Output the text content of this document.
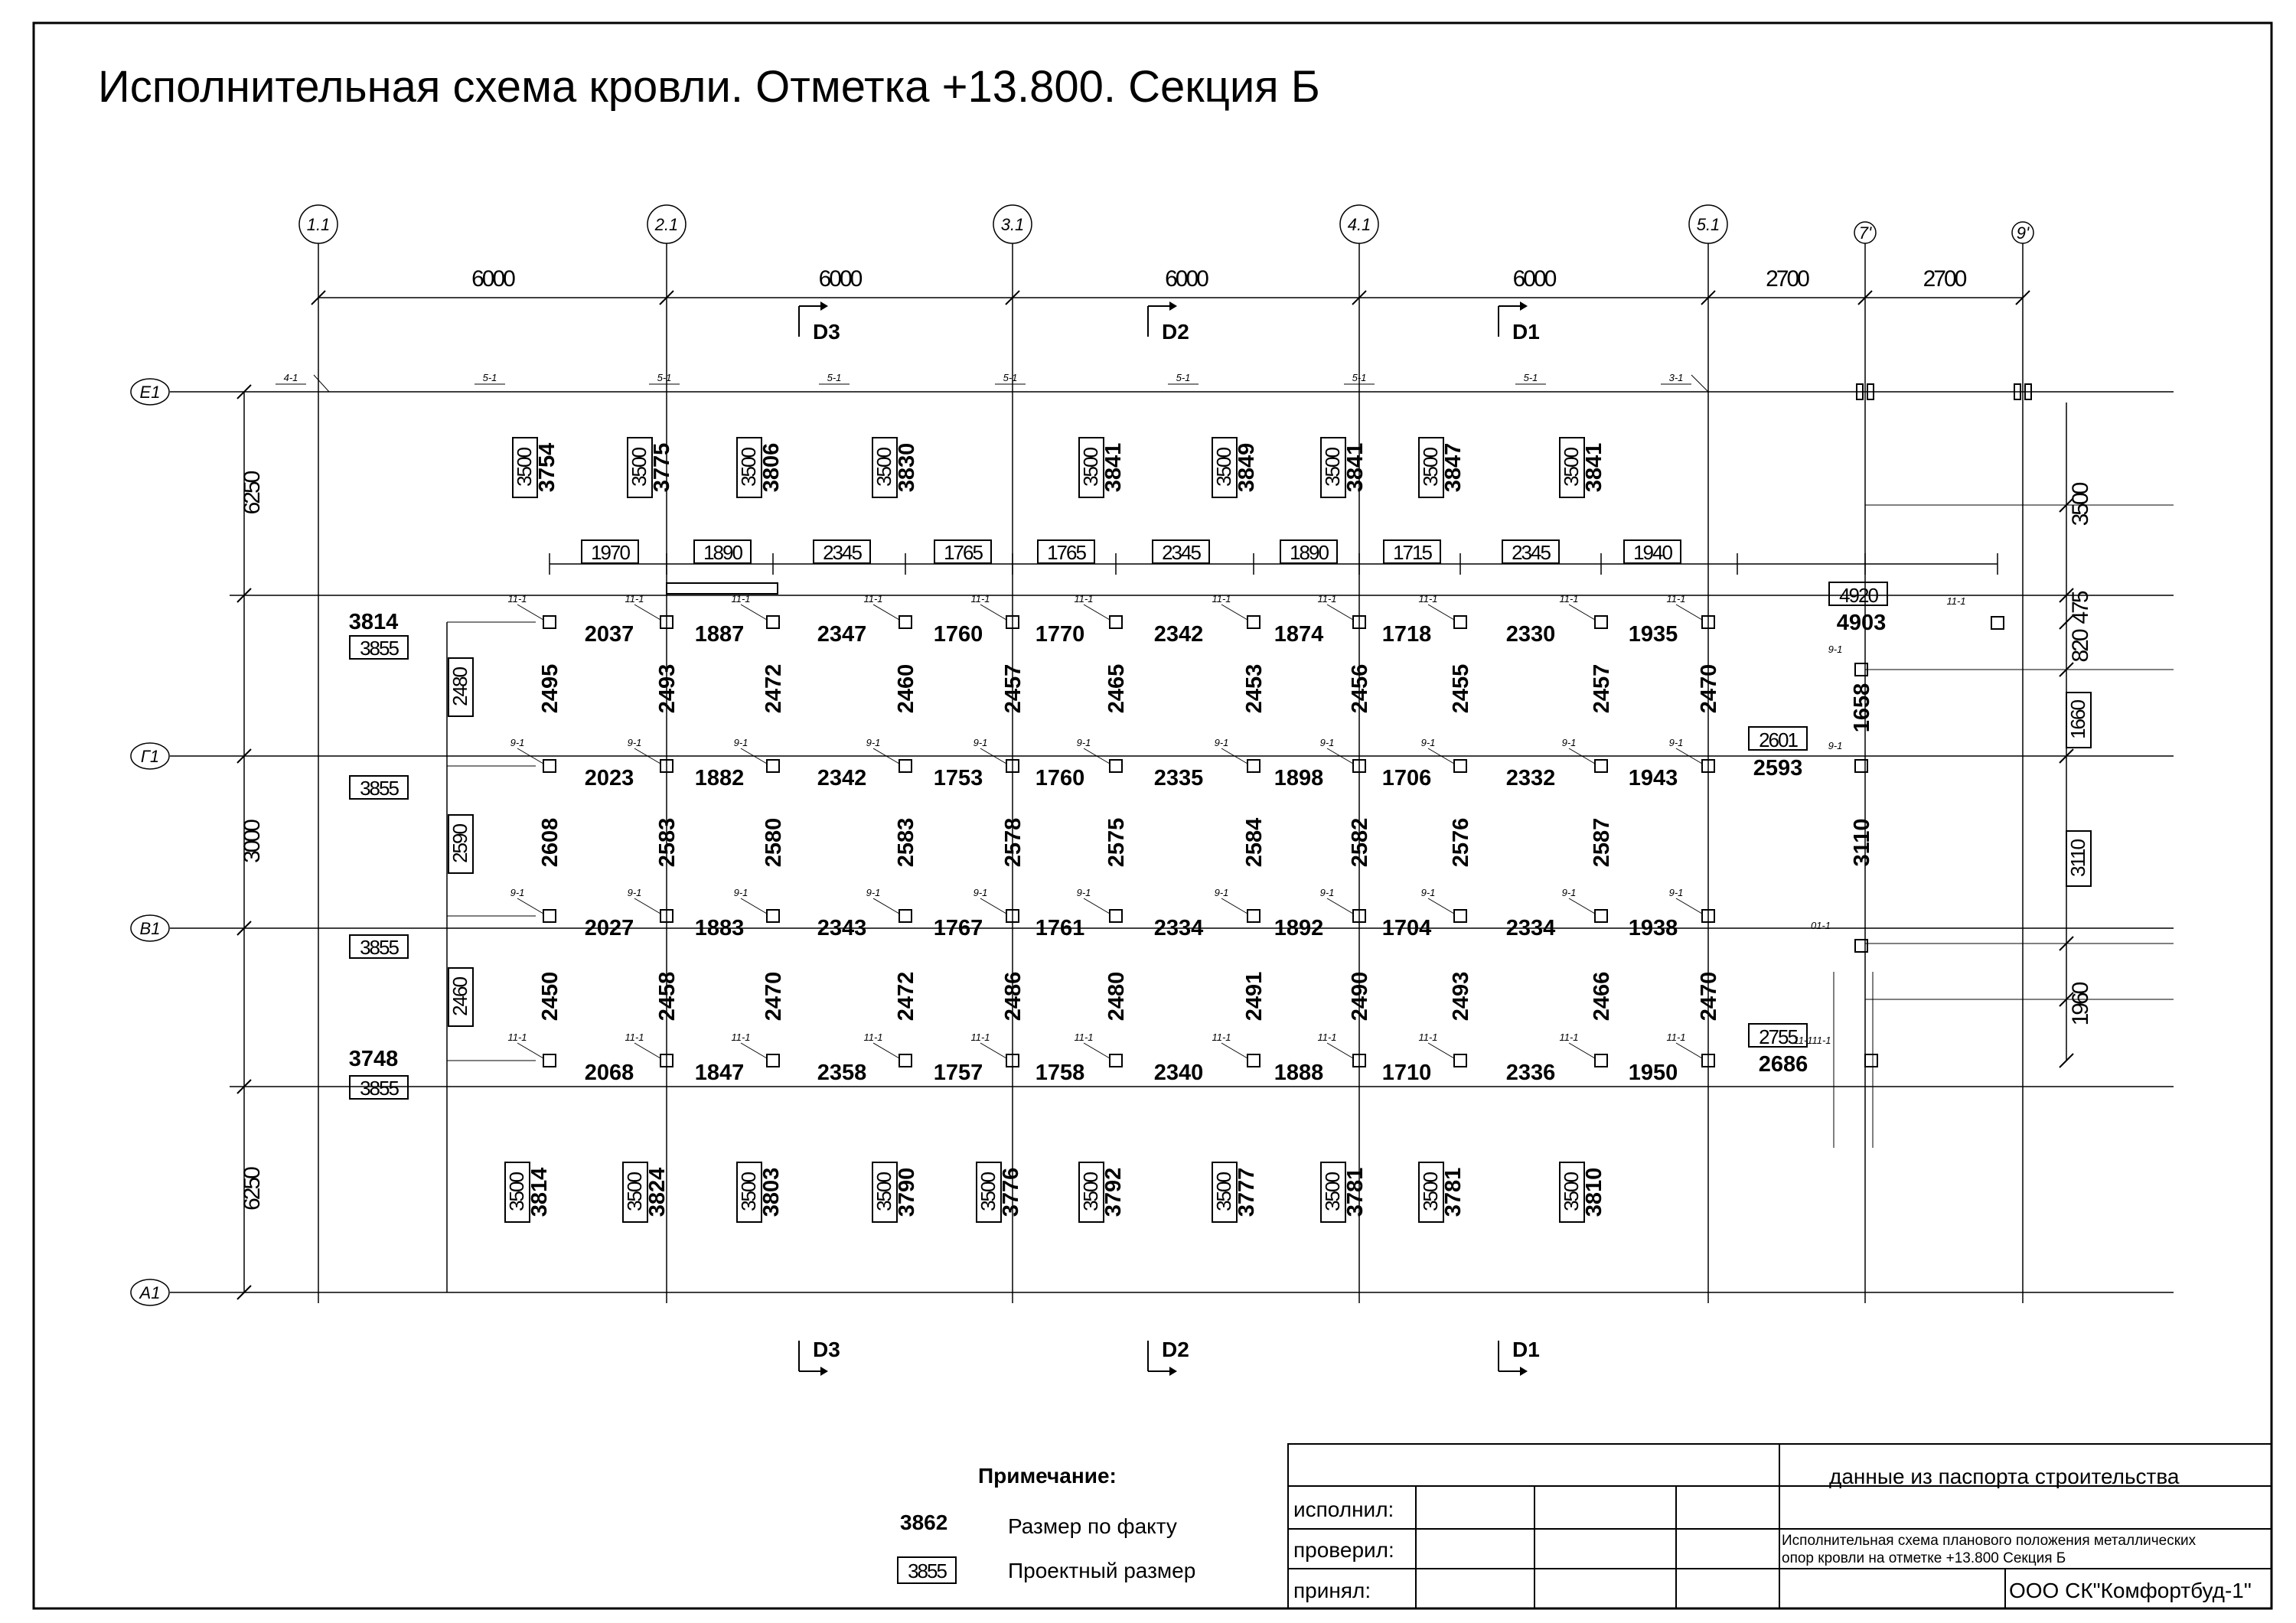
Исполнительная схема кровли. Отметка +13.800. Секция Б
1.1	2.1	3.1	4.1	5.1	7'	9'
Е1
Г1
В1
А1
6000	6000	6000	6000	2700	2700
6250
3000
6250
D3
D3
D2
D2
D1
D1
4-1	5-1	5-1	5-1	5-1	5-1	5-1	5-1	3-1
3500 3754	3500 3775	3500 3806	3500 3830	3500 3841	3500 3849	3500 3841	3500 3847	3500 3841
3500 3814	3500 3824	3500 3803	3500 3790	3500 3776	3500 3792	3500 3777	3500 3781	3500 3781	3500 3810
1970	1890	2345	1765	1765	2345	1890	1715	2345	1940
11-1	11-1	11-1	11-1	11-1	11-1	11-1	11-1	11-1	11-1	11-1
2037	1887	2347	1760 1770	2342	1874	1718	2330	1935
9-1	9-1	9-1	9-1	9-1	9-1	9-1	9-1	9-1	9-1	9-1
2023	1882	2342	1753 1760	2335	1898	1706	2332	1943
9-1	9-1	9-1	9-1	9-1	9-1	9-1	9-1	9-1	9-1	9-1
2027	1883	2343	1767 1761	2334	1892	1704	2334	1938
11-1	11-1	11-1	11-1	11-1	11-1	11-1	11-1	11-1	11-1	11-1
2068	1847	2358	1757 1758	2340	1888	1710	2336	1950
2495	2493	2472	2460	2457	2465	2453	2456	2455	2457	2470
2608	2583	2580	2583	2578	2575	2584	2582	2576	2587
2450	2458	2470	2472	2486	2480	2491	2490	2493	2466	2470
3814
3748
3855
3855
3855
3855
2480
2590
2460
4920
4903
1658
2601
2593
3110
2755
2686
11-1
9-1
9-1
01-1
11-1
11-1
3500
475
820
1660
3110
1960
Примечание:
3862	Размер по факту
3855	Проектный размер
данные из паспорта строительства
исполнил:
проверил:
принял:
Исполнительная схема планового положения металлических
опор кровли на отметке +13.800 Секция Б
ООО СК"Комфортбуд-1"
